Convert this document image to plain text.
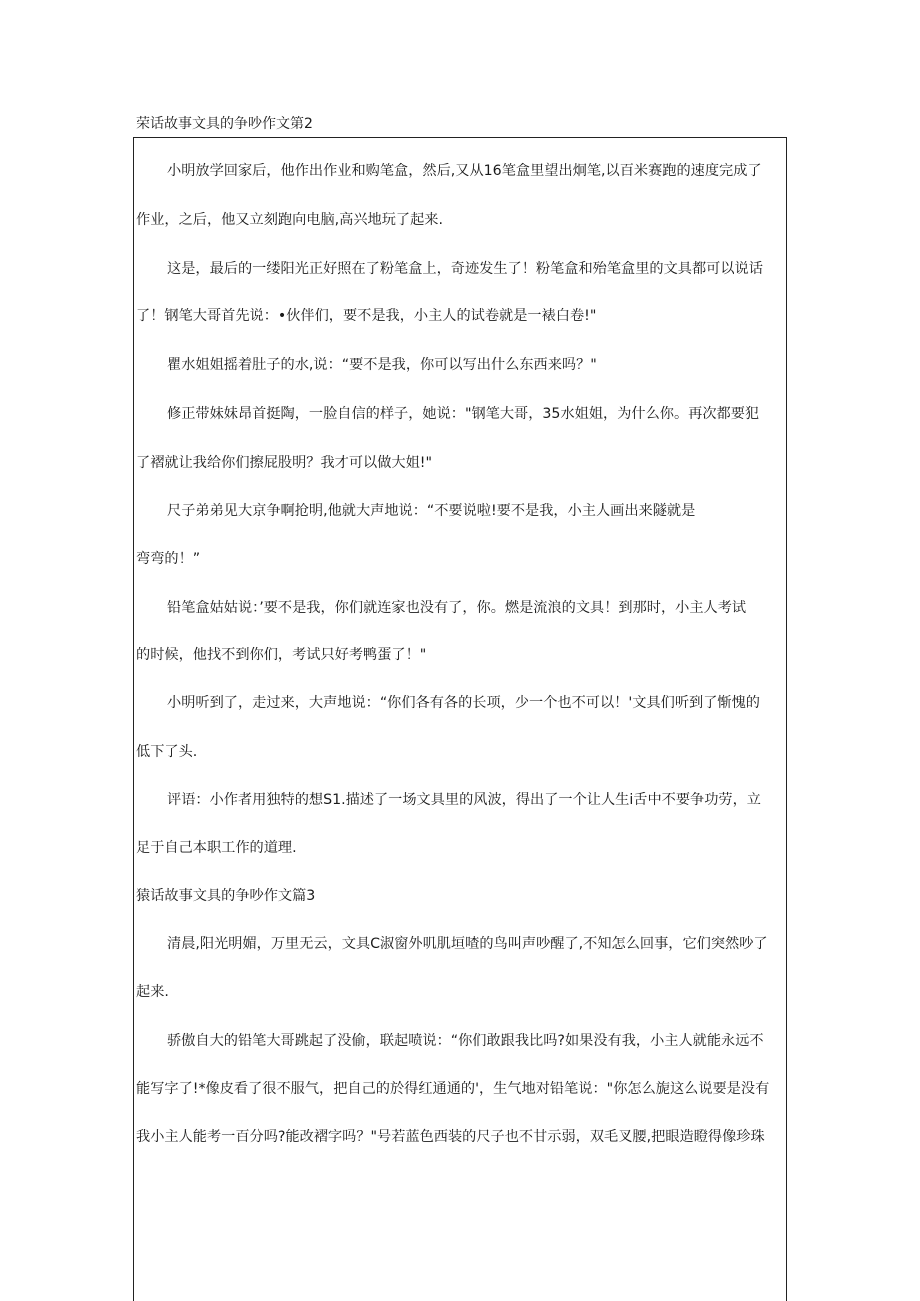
荣话故事文具的争吵作文第2
小明放学回家后，他作出作业和购笔盒，然后,又从16笔盒里望出炯笔,以百米赛跑的速度完成了
作业，之后，他又立刻跑向电脑,高兴地玩了起来.
这是，最后的一缕阳光正好照在了粉笔盒上，奇迹发生了！粉笔盒和殆笔盒里的文具都可以说话
了！钢笔大哥首先说：•伙伴们，要不是我，小主人的试卷就是一裱白卷!"
瞿水姐姐摇着肚子的水,说：“要不是我，你可以写出什么东西来吗？"
修正带妹妹昂首挺陶，一脸自信的样子，她说："钢笔大哥，35水姐姐，为什么你。再次都要犯
了褶就让我给你们擦屁股明？我才可以做大姐!"
尺子弟弟见大京争啊抢明,他就大声地说：“不要说啦!要不是我，小主人画出来隧就是
弯弯的！”
铅笔盒姑姑说：’要不是我，你们就连家也没有了，你。燃是流浪的文具！到那时，小主人考试
的时候，他找不到你们，考试只好考鸭蛋了！"
小明听到了，走过来，大声地说：“你们各有各的长项，少一个也不可以！'文具们听到了惭愧的
低下了头.
评语：小作者用独特的想S1.描述了一场文具里的风波，得出了一个让人生i舌中不要争功劳，立
足于自己本职工作的道理.
猿话故事文具的争吵作文篇3
清晨,阳光明媚，万里无云，文具C淑窗外叽肌垣喳的鸟叫声吵醒了,不知怎么回事，它们突然吵了
起来.
骄傲自大的铅笔大哥跳起了没偷，联起喷说：“你们敢跟我比吗?如果没有我，小主人就能永远不
能写字了!*像皮看了很不服气，把自己的於得红通通的'，生气地对铅笔说："你怎么旎这么说要是没有
我小主人能考一百分吗?能改褶字吗？"号若蓝色西装的尺子也不甘示弱，双毛叉腰,把眼造瞪得像珍珠
